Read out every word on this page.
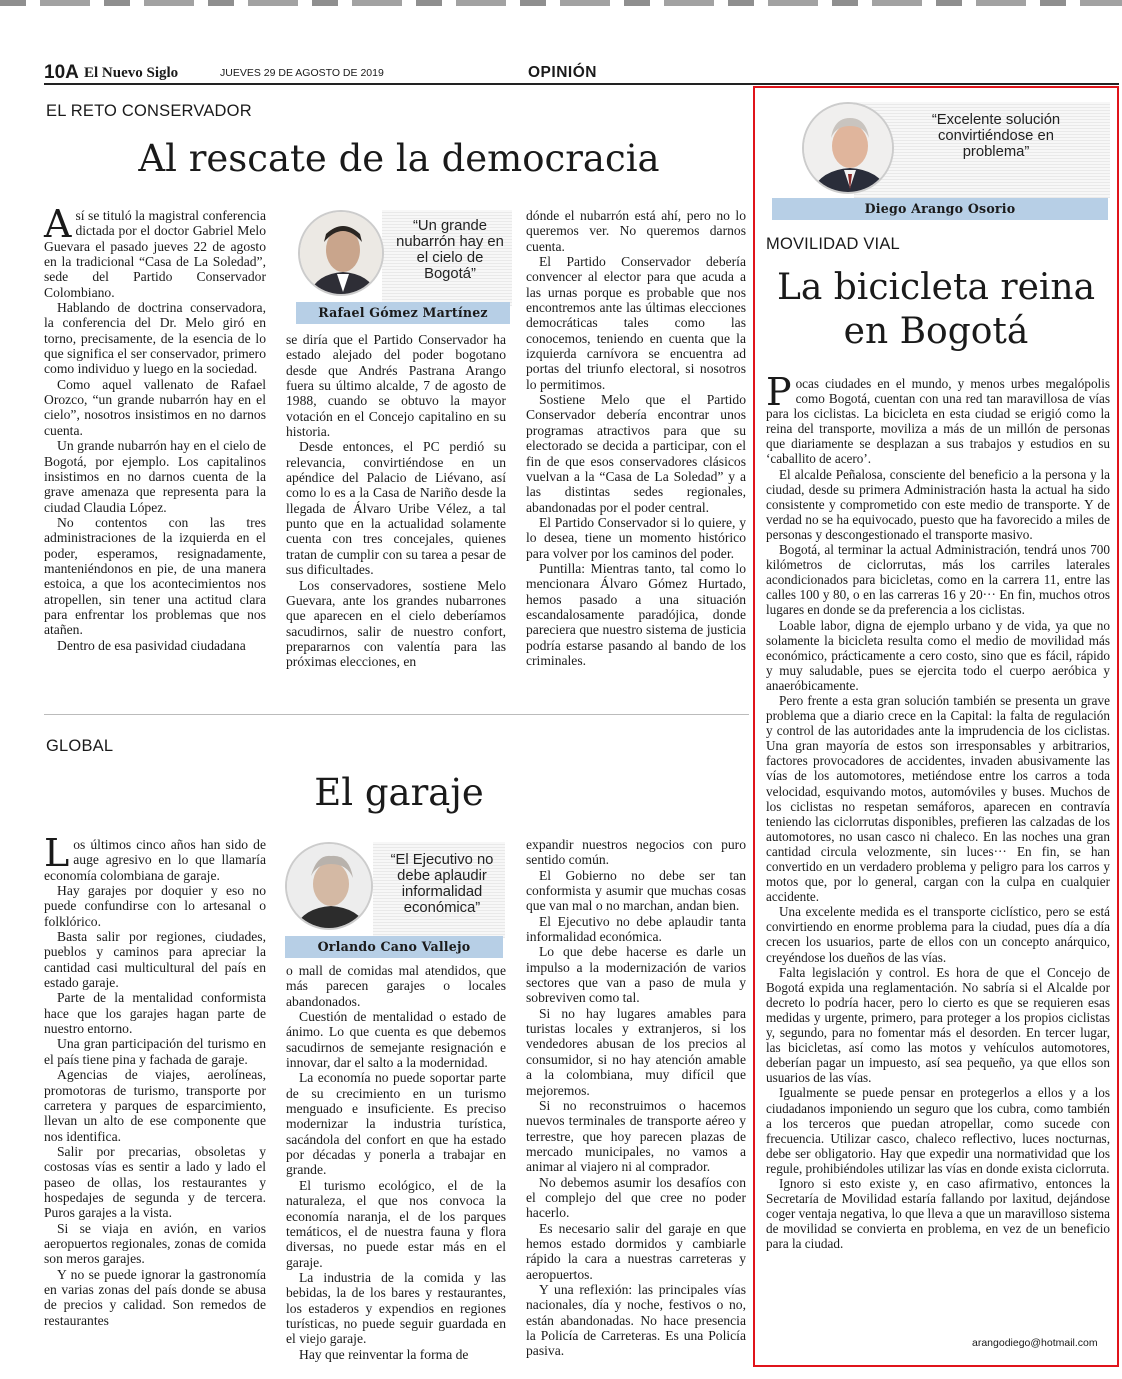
10A El Nuevo Siglo	JUEVES 29 DE AGOSTO DE 2019	OPINIÓN
EL RETO CONSERVADOR
Al rescate de la democracia
“Un grande nubarrón hay en el cielo de Bogotá”
Rafael Gómez Martínez

Así se tituló la magistral conferencia dictada por el doctor Gabriel Melo Guevara el pasado jueves 22 de agosto en la tradicional “Casa de La Soledad”, sede del Partido Conservador Colombiano.

Hablando de doctrina conservadora, la conferencia del Dr. Melo giró en torno, precisamente, de la esencia de lo que significa el ser conservador, primero como individuo y luego en la sociedad.

Como aquel vallenato de Rafael Orozco, “un grande nubarrón hay en el cielo”, nosotros insistimos en no darnos cuenta.

Un grande nubarrón hay en el cielo de Bogotá, por ejemplo. Los capitalinos insistimos en no darnos cuenta de la grave amenaza que representa para la ciudad Claudia López.

No contentos con las tres administraciones de la izquierda en el poder, esperamos, resignadamente, manteniéndonos en pie, de una manera estoica, a que los acontecimientos nos atropellen, sin tener una actitud clara para enfrentar los problemas que nos atañen.

Dentro de esa pasividad ciudadana

se diría que el Partido Conservador ha estado alejado del poder bogotano desde que Andrés Pastrana Arango fuera su último alcalde, 7 de agosto de 1988, cuando se obtuvo la mayor votación en el Concejo capitalino en su historia.

Desde entonces, el PC perdió su relevancia, convirtiéndose en un apéndice del Palacio de Liévano, así como lo es a la Casa de Nariño desde la llegada de Álvaro Uribe Vélez, a tal punto que en la actualidad solamente cuenta con tres concejales, quienes tratan de cumplir con su tarea a pesar de sus dificultades.

Los conservadores, sostiene Melo Guevara, ante los grandes nubarrones que aparecen en el cielo deberíamos sacudirnos, salir de nuestro confort, prepararnos con valentía para las próximas elecciones, en

dónde el nubarrón está ahí, pero no lo queremos ver. No queremos darnos cuenta.

El Partido Conservador debería convencer al elector para que acuda a las urnas porque es probable que nos encontremos ante las últimas elecciones democráticas tales como las conocemos, teniendo en cuenta que la izquierda carnívora se encuentra ad portas del triunfo electoral, si nosotros lo permitimos.

Sostiene Melo que el Partido Conservador debería encontrar unos programas atractivos para que su electorado se decida a participar, con el fin de que esos conservadores clásicos vuelvan a la “Casa de La Soledad” y a las distintas sedes regionales, abandonadas por el poder central.

El Partido Conservador si lo quiere, y lo desea, tiene un momento histórico para volver por los caminos del poder.

Puntilla: Mientras tanto, tal como lo mencionara Álvaro Gómez Hurtado, hemos pasado a una situación escandalosamente paradójica, donde pareciera que nuestro sistema de justicia podría estarse pasando al bando de los criminales.

GLOBAL
El garaje
“El Ejecutivo no debe aplaudir informalidad económica”
Orlando Cano Vallejo

Los últimos cinco años han sido de auge agresivo en lo que llamaría economía colombiana de garaje.

Hay garajes por doquier y eso no puede confundirse con lo artesanal o folklórico.

Basta salir por regiones, ciudades, pueblos y caminos para apreciar la cantidad casi multicultural del país en estado garaje.

Parte de la mentalidad conformista hace que los garajes hagan parte de nuestro entorno.

Una gran participación del turismo en el país tiene pina y fachada de garaje.

Agencias de viajes, aerolíneas, promotoras de turismo, transporte por carretera y parques de esparcimiento, llevan un alto de ese componente que nos identifica.

Salir por precarias, obsoletas y costosas vías es sentir a lado y lado el paseo de ollas, los restaurantes y hospedajes de segunda y de tercera. Puros garajes a la vista.

Si se viaja en avión, en varios aeropuertos regionales, zonas de comida son meros garajes.

Y no se puede ignorar la gastronomía en varias zonas del país donde se abusa de precios y calidad. Son remedos de restaurantes

o mall de comidas mal atendidos, que más parecen garajes o locales abandonados.

Cuestión de mentalidad o estado de ánimo. Lo que cuenta es que debemos sacudirnos de semejante resignación e innovar, dar el salto a la modernidad.

La economía no puede soportar parte de su crecimiento en un turismo menguado e insuficiente. Es preciso modernizar la industria turística, sacándola del confort en que ha estado por décadas y ponerla a trabajar en grande.

El turismo ecológico, el de la naturaleza, el que nos convoca la economía naranja, el de los parques temáticos, el de nuestra fauna y flora diversas, no puede estar más en el garaje.

La industria de la comida y las bebidas, la de los bares y restaurantes, los estaderos y expendios en regiones turísticas, no puede seguir guardada en el viejo garaje.

Hay que reinventar la forma de

expandir nuestros negocios con puro sentido común.

El Gobierno no debe ser tan conformista y asumir que muchas cosas que van mal o no marchan, andan bien.

El Ejecutivo no debe aplaudir tanta informalidad económica.

Lo que debe hacerse es darle un impulso a la modernización de varios sectores que van a paso de mula y sobreviven como tal.

Si no hay lugares amables para turistas locales y extranjeros, si los vendedores abusan de los precios al consumidor, si no hay atención amable a la colombiana, muy difícil que mejoremos.

Si no reconstruimos o hacemos nuevos terminales de transporte aéreo y terrestre, que hoy parecen plazas de mercado municipales, no vamos a animar al viajero ni al comprador.

No debemos asumir los desafíos con el complejo del que cree no poder hacerlo.

Es necesario salir del garaje en que hemos estado dormidos y cambiarle rápido la cara a nuestras carreteras y aeropuertos.

Y una reflexión: las principales vías nacionales, día y noche, festivos o no, están abandonadas. No hace presencia la Policía de Carreteras. Es una Policía pasiva.

“Excelente solución convirtiéndose en problema”
Diego Arango Osorio
MOVILIDAD VIAL
La bicicleta reina
en Bogotá

Pocas ciudades en el mundo, y menos urbes megalópolis como Bogotá, cuentan con una red tan maravillosa de vías para los ciclistas. La bicicleta en esta ciudad se erigió como la reina del transporte, moviliza a más de un millón de personas que diariamente se desplazan a sus trabajos y estudios en su ‘caballito de acero’.

El alcalde Peñalosa, consciente del beneficio a la persona y la ciudad, desde su primera Administración hasta la actual ha sido consistente y comprometido con este medio de transporte. Y de verdad no se ha equivocado, puesto que ha favorecido a miles de personas y descongestionado el transporte masivo.

Bogotá, al terminar la actual Administración, tendrá unos 700 kilómetros de ciclorrutas, más los carriles laterales acondicionados para bicicletas, como en la carrera 11, entre las calles 100 y 80, o en las carreras 16 y 20··· En fin, muchos otros lugares en donde se da preferencia a los ciclistas.

Loable labor, digna de ejemplo urbano y de vida, ya que no solamente la bicicleta resulta como el medio de movilidad más económico, prácticamente a cero costo, sino que es fácil, rápido y muy saludable, pues se ejercita todo el cuerpo aeróbica y anaeróbicamente.

Pero frente a esta gran solución también se presenta un grave problema que a diario crece en la Capital: la falta de regulación y control de las autoridades ante la imprudencia de los ciclistas. Una gran mayoría de estos son irresponsables y arbitrarios, factores provocadores de accidentes, invaden abusivamente las vías de los automotores, metiéndose entre los carros a toda velocidad, esquivando motos, automóviles y buses. Muchos de los ciclistas no respetan semáforos, aparecen en contravía teniendo las ciclorrutas disponibles, prefieren las calzadas de los automotores, no usan casco ni chaleco. En las noches una gran cantidad circula velozmente, sin luces··· En fin, se han convertido en un verdadero problema y peligro para los carros y motos que, por lo general, cargan con la culpa en cualquier accidente.

Una excelente medida es el transporte ciclístico, pero se está convirtiendo en enorme problema para la ciudad, pues día a día crecen los usuarios, parte de ellos con un concepto anárquico, creyéndose los dueños de las vías.

Falta legislación y control. Es hora de que el Concejo de Bogotá expida una reglamentación. No sabría si el Alcalde por decreto lo podría hacer, pero lo cierto es que se requieren esas medidas y urgente, primero, para proteger a los propios ciclistas y, segundo, para no fomentar más el desorden. En tercer lugar, las bicicletas, así como las motos y vehículos automotores, deberían pagar un impuesto, así sea pequeño, ya que ellos son usuarios de las vías.

Igualmente se puede pensar en protegerlos a ellos y a los ciudadanos imponiendo un seguro que los cubra, como también a los terceros que puedan atropellar, como sucede con frecuencia. Utilizar casco, chaleco reflectivo, luces nocturnas, debe ser obligatorio. Hay que expedir una normatividad que los regule, prohibiéndoles utilizar las vías en donde exista ciclorruta.

Ignoro si esto existe y, en caso afirmativo, entonces la Secretaría de Movilidad estaría fallando por laxitud, dejándose coger ventaja negativa, lo que lleva a que un maravilloso sistema de movilidad se convierta en problema, en vez de un beneficio para la ciudad.

arangodiego@hotmail.com
